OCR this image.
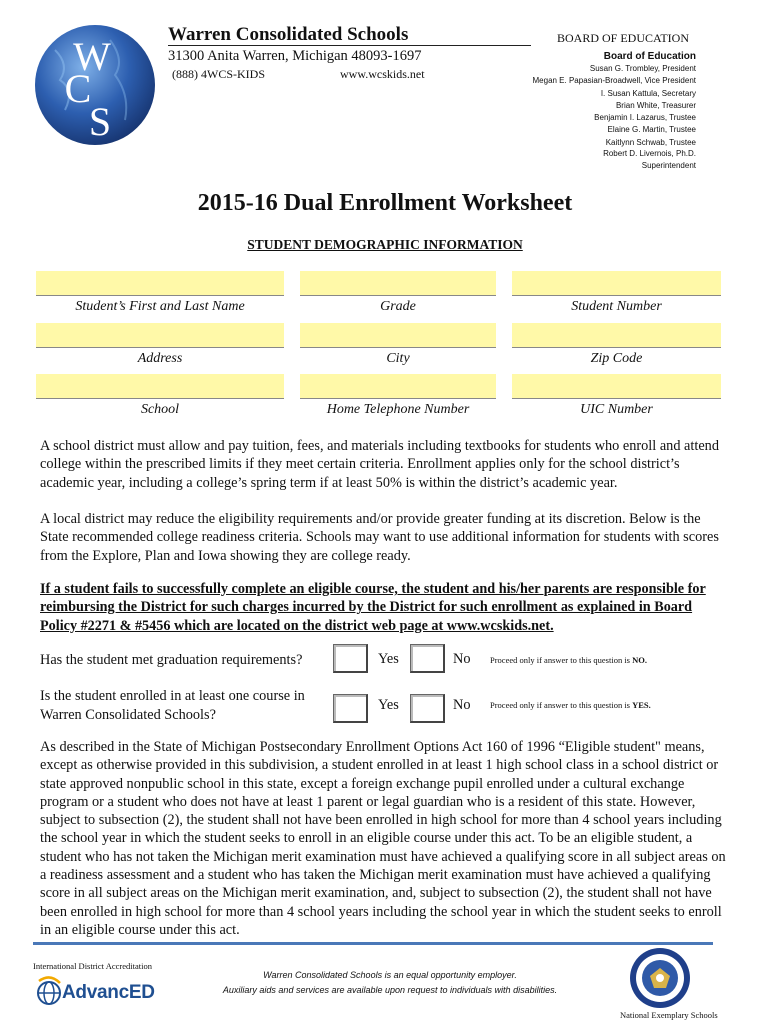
W
C
S
Warren Consolidated Schools	BOARD OF EDUCATION
31300 Anita Warren, Michigan 48093-1697
(888) 4WCS-KIDS	www.wcskids.net
Board of Education
Susan G. Trombley, President
Megan E. Papasian-Broadwell, Vice President
I. Susan Kattula, Secretary
Brian White, Treasurer
Benjamin I. Lazarus, Trustee
Elaine G. Martin, Trustee
Kaitlynn Schwab, Trustee
Robert D. Livernois, Ph.D.
Superintendent
2015-16 Dual Enrollment Worksheet
STUDENT DEMOGRAPHIC INFORMATION
Student’s First and Last Name	Grade	Student Number
Address	City	Zip Code
School	Home Telephone Number	UIC Number
A school district must allow and pay tuition, fees, and materials including textbooks for students who enroll and attend college within the prescribed limits if they meet certain criteria. Enrollment applies only for the school district’s academic year, including a college’s spring term if at least 50% is within the district’s academic year.
A local district may reduce the eligibility requirements and/or provide greater funding at its discretion. Below is the State recommended college readiness criteria. Schools may want to use additional information for students with scores from the Explore, Plan and Iowa showing they are college ready.
If a student fails to successfully complete an eligible course, the student and his/her parents are responsible for reimbursing the District for such charges incurred by the District for such enrollment as explained in Board Policy #2271 & #5456 which are located on the district web page at www.wcskids.net.
Has the student met graduation requirements?	Yes	No Proceed only if answer to this question is NO.
Is the student enrolled in at least one course in
Warren Consolidated Schools?
Yes	No Proceed only if answer to this question is YES.
As described in the State of Michigan Postsecondary Enrollment Options Act 160 of 1996 “Eligible student" means, except as otherwise provided in this subdivision, a student enrolled in at least 1 high school class in a school district or state approved nonpublic school in this state, except a foreign exchange pupil enrolled under a cultural exchange program or a student who does not have at least 1 parent or legal guardian who is a resident of this state. However, subject to subsection (2), the student shall not have been enrolled in high school for more than 4 school years including the school year in which the student seeks to enroll in an eligible course under this act. To be an eligible student, a student who has not taken the Michigan merit examination must have achieved a qualifying score in all subject areas on a readiness assessment and a student who has taken the Michigan merit examination must have achieved a qualifying score in all subject areas on the Michigan merit examination, and, subject to subsection (2), the student shall not have been enrolled in high school for more than 4 school years including the school year in which the student seeks to enroll in an eligible course under this act.
International District Accreditation
AdvancED
Warren Consolidated Schools is an equal opportunity employer.
Auxiliary aids and services are available upon request to individuals with disabilities.
National Exemplary Schools
